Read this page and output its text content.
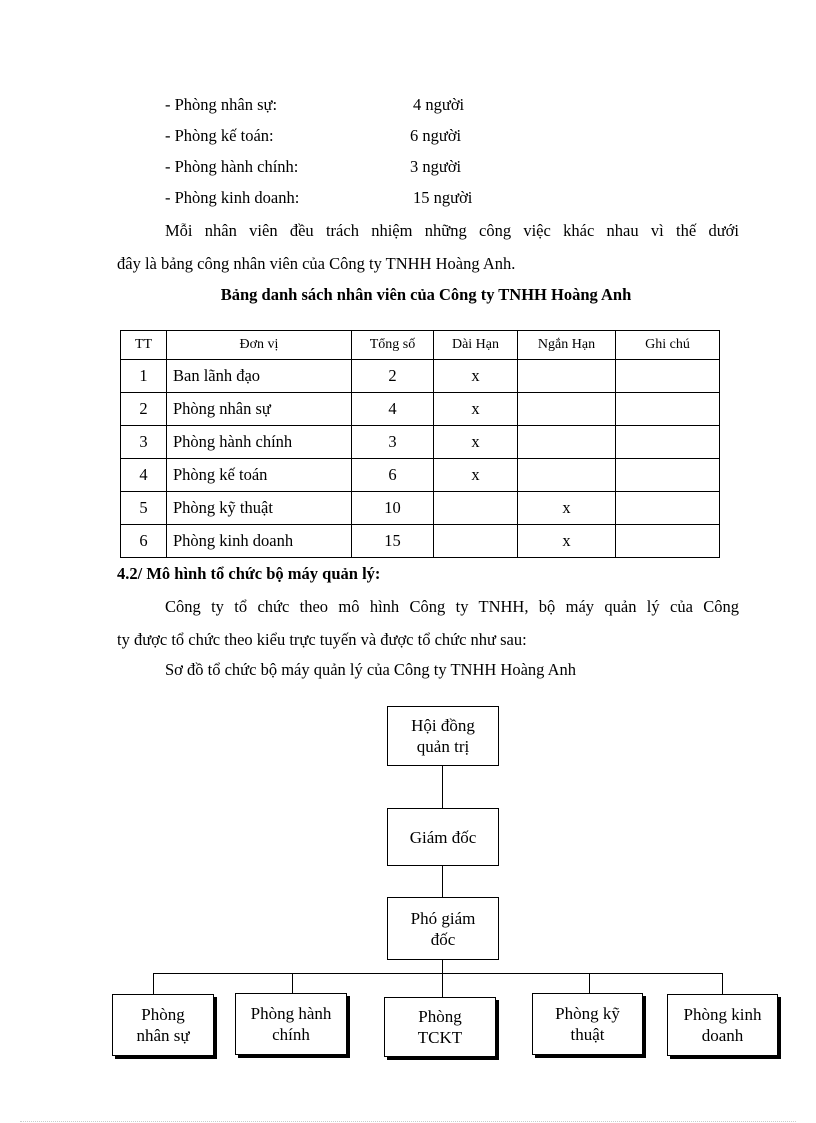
- Phòng nhân sự:	4 người
- Phòng kế toán:	6 người
- Phòng hành chính:	3 người
- Phòng kinh doanh:	15 người
Mỗi nhân viên đều trách nhiệm những công việc khác nhau vì thế dưới
đây là bảng công nhân viên của Công ty TNHH Hoàng Anh.
Bảng danh sách nhân viên của Công ty TNHH Hoàng Anh
TT	Đơn vị	Tổng số	Dài Hạn	Ngắn Hạn	Ghi chú
1	Ban lãnh đạo	2	x		
2	Phòng nhân sự	4	x		
3	Phòng hành chính	3	x		
4	Phòng kế toán	6	x		
5	Phòng kỹ thuật	10		x	
6	Phòng kinh doanh	15		x	
4.2/ Mô hình tổ chức bộ máy quản lý:
Công ty tổ chức theo mô hình Công ty TNHH, bộ máy quản lý của Công
ty được tổ chức theo kiểu trực tuyến và được tổ chức như sau:
Sơ đồ tổ chức bộ máy quản lý của Công ty TNHH Hoàng Anh
Hội đồng
quản trị
Giám đốc
Phó giám
đốc
Phòng
nhân sự
Phòng hành
chính
Phòng
TCKT
Phòng kỹ
thuật
Phòng kinh
doanh
